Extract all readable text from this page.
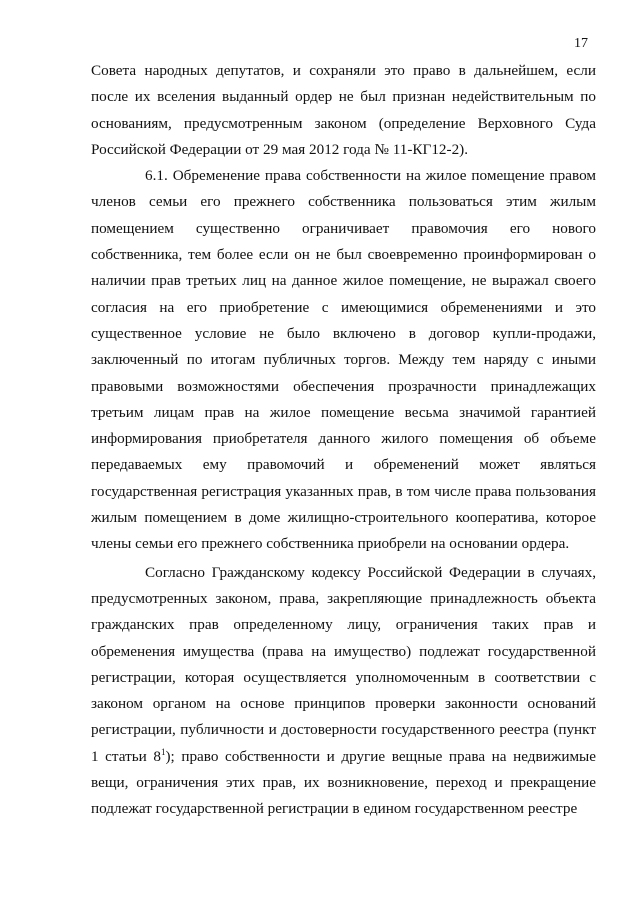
17

Совета народных депутатов, и сохраняли это право в дальнейшем, если после их вселения выданный ордер не был признан недействительным по основаниям, предусмотренным законом (определение Верховного Суда Российской Федерации от 29 мая 2012 года № 11-КГ12-2).

6.1. Обременение права собственности на жилое помещение правом членов семьи его прежнего собственника пользоваться этим жилым помещением существенно ограничивает правомочия его нового собственника, тем более если он не был своевременно проинформирован о наличии прав третьих лиц на данное жилое помещение, не выражал своего согласия на его приобретение с имеющимися обременениями и это существенное условие не было включено в договор купли-продажи, заключенный по итогам публичных торгов. Между тем наряду с иными правовыми возможностями обеспечения прозрачности принадлежащих третьим лицам прав на жилое помещение весьма значимой гарантией информирования приобретателя данного жилого помещения об объеме передаваемых ему правомочий и обременений может являться государственная регистрация указанных прав, в том числе права пользования жилым помещением в доме жилищно-строительного кооператива, которое члены семьи его прежнего собственника приобрели на основании ордера.

Согласно Гражданскому кодексу Российской Федерации в случаях, предусмотренных законом, права, закрепляющие принадлежность объекта гражданских прав определенному лицу, ограничения таких прав и обременения имущества (права на имущество) подлежат государственной регистрации, которая осуществляется уполномоченным в соответствии с законом органом на основе принципов проверки законности оснований регистрации, публичности и достоверности государственного реестра (пункт 1 статьи $8^1$); право собственности и другие вещные права на недвижимые вещи, ограничения этих прав, их возникновение, переход и прекращение подлежат государственной регистрации в едином государственном реестре
